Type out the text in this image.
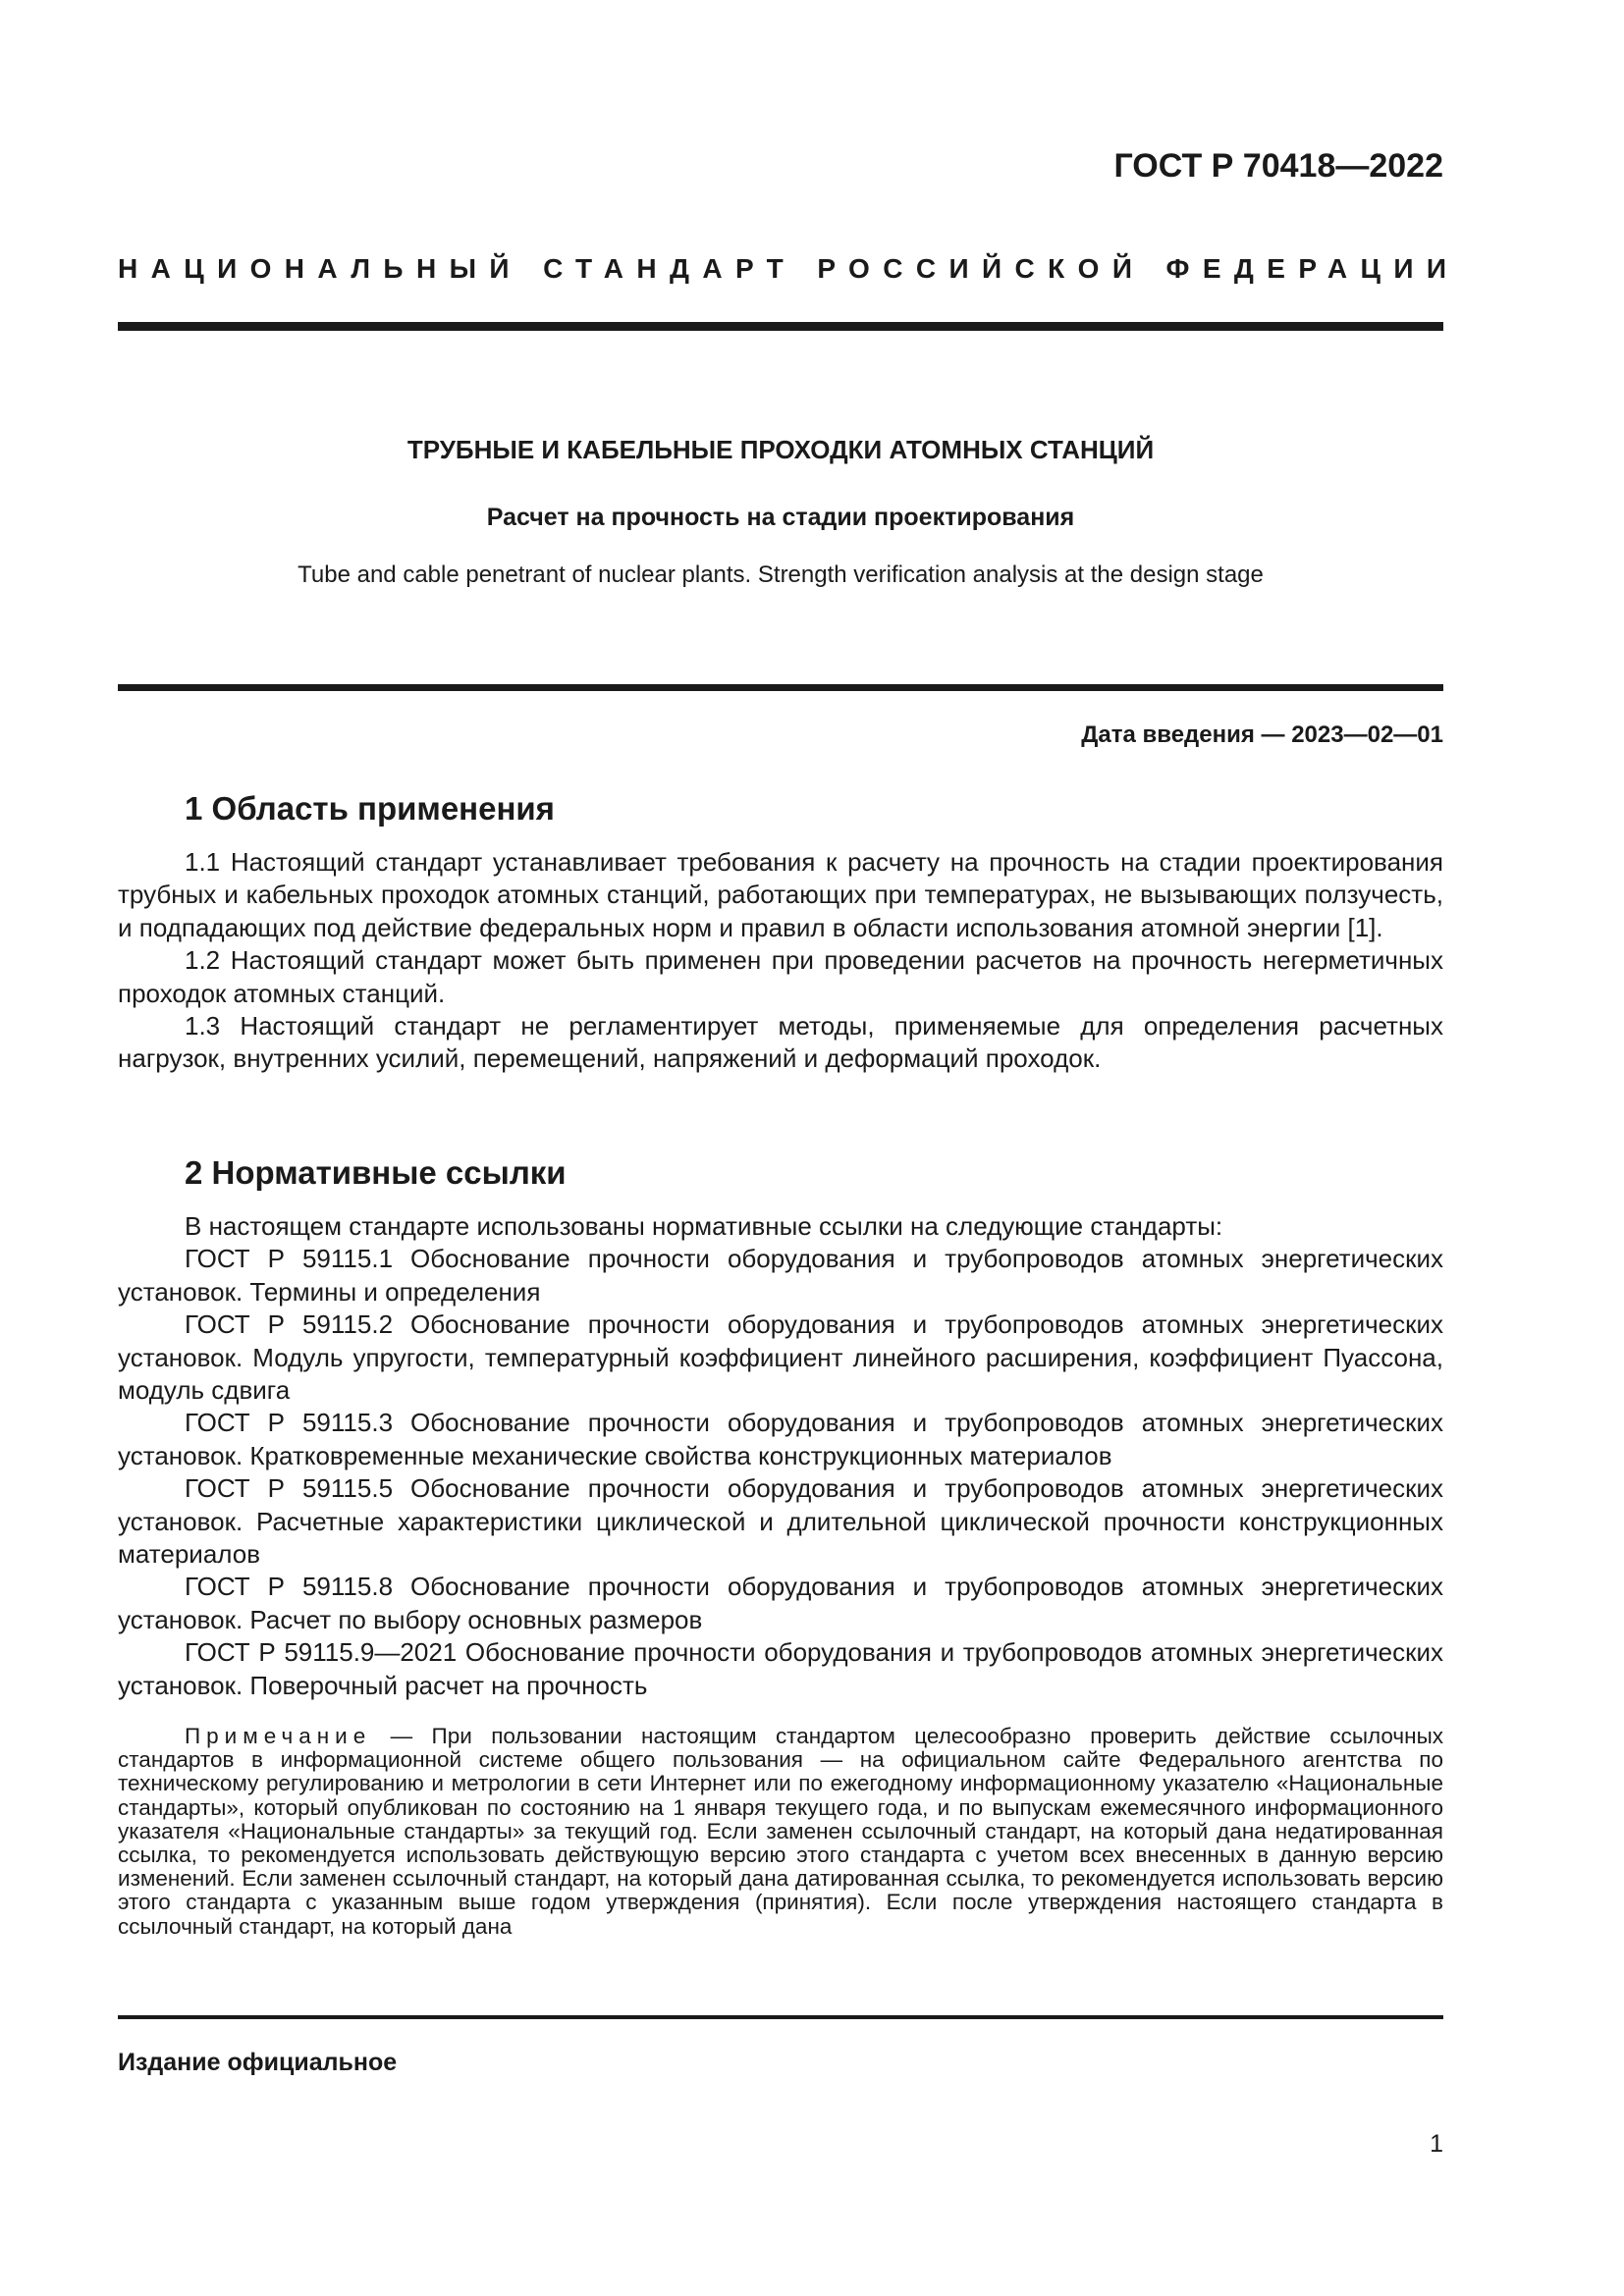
ГОСТ Р 70418—2022
НАЦИОНАЛЬНЫЙ СТАНДАРТ РОССИЙСКОЙ ФЕДЕРАЦИИ
ТРУБНЫЕ И КАБЕЛЬНЫЕ ПРОХОДКИ АТОМНЫХ СТАНЦИЙ
Расчет на прочность на стадии проектирования
Tube and cable penetrant of nuclear plants. Strength verification analysis at the design stage
Дата введения — 2023—02—01
1 Область применения

1.1 Настоящий стандарт устанавливает требования к расчету на прочность на стадии проектирования трубных и кабельных проходок атомных станций, работающих при температурах, не вызывающих ползучесть, и подпадающих под действие федеральных норм и правил в области использования атомной энергии [1].

1.2 Настоящий стандарт может быть применен при проведении расчетов на прочность негерметичных проходок атомных станций.

1.3 Настоящий стандарт не регламентирует методы, применяемые для определения расчетных нагрузок, внутренних усилий, перемещений, напряжений и деформаций проходок.

2 Нормативные ссылки

В настоящем стандарте использованы нормативные ссылки на следующие стандарты:

ГОСТ Р 59115.1 Обоснование прочности оборудования и трубопроводов атомных энергетических установок. Термины и определения

ГОСТ Р 59115.2 Обоснование прочности оборудования и трубопроводов атомных энергетических установок. Модуль упругости, температурный коэффициент линейного расширения, коэффициент Пуассона, модуль сдвига

ГОСТ Р 59115.3 Обоснование прочности оборудования и трубопроводов атомных энергетических установок. Кратковременные механические свойства конструкционных материалов

ГОСТ Р 59115.5 Обоснование прочности оборудования и трубопроводов атомных энергетических установок. Расчетные характеристики циклической и длительной циклической прочности конструкционных материалов

ГОСТ Р 59115.8 Обоснование прочности оборудования и трубопроводов атомных энергетических установок. Расчет по выбору основных размеров

ГОСТ Р 59115.9—2021 Обоснование прочности оборудования и трубопроводов атомных энергетических установок. Поверочный расчет на прочность

Примечание — При пользовании настоящим стандартом целесообразно проверить действие ссылочных стандартов в информационной системе общего пользования — на официальном сайте Федерального агентства по техническому регулированию и метрологии в сети Интернет или по ежегодному информационному указателю «Национальные стандарты», который опубликован по состоянию на 1 января текущего года, и по выпускам ежемесячного информационного указателя «Национальные стандарты» за текущий год. Если заменен ссылочный стандарт, на который дана недатированная ссылка, то рекомендуется использовать действующую версию этого стандарта с учетом всех внесенных в данную версию изменений. Если заменен ссылочный стандарт, на который дана датированная ссылка, то рекомендуется использовать версию этого стандарта с указанным выше годом утверждения (принятия). Если после утверждения настоящего стандарта в ссылочный стандарт, на который дана
Издание официальное
1
